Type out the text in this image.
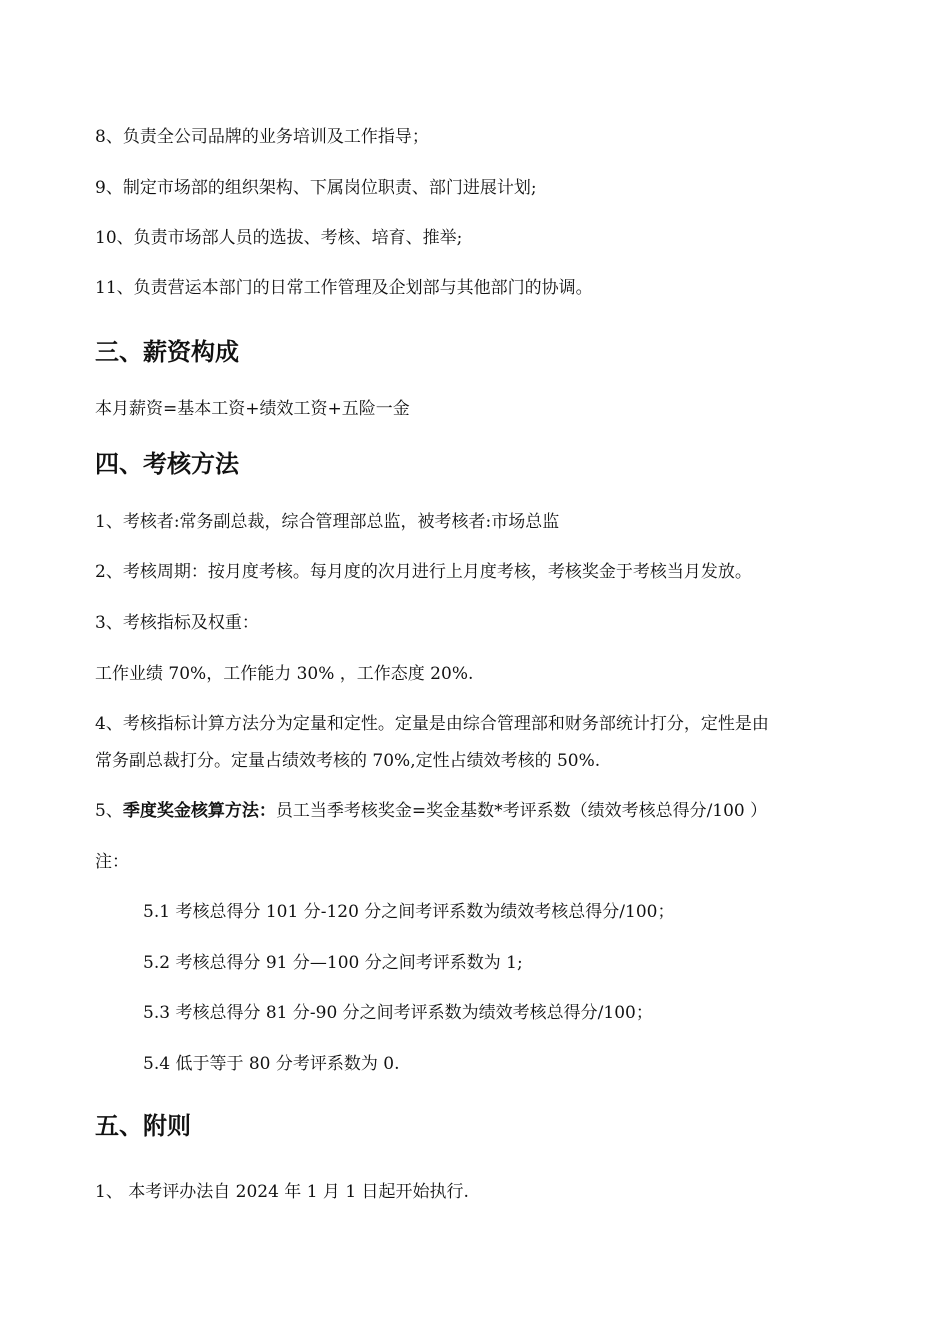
8、负责全公司品牌的业务培训及工作指导；
9、制定市场部的组织架构、下属岗位职责、部门进展计划;
10、负责市场部人员的选拔、考核、培育、推举;
11、负责营运本部门的日常工作管理及企划部与其他部门的协调。
三、薪资构成
本月薪资=基本工资+绩效工资+五险一金
四、考核方法
1、考核者:常务副总裁，综合管理部总监，被考核者:市场总监
2、考核周期：按月度考核。每月度的次月进行上月度考核，考核奖金于考核当月发放。
3、考核指标及权重：
工作业绩 70%，工作能力 30% ，工作态度 20%.
4、考核指标计算方法分为定量和定性。定量是由综合管理部和财务部统计打分，定性是由
常务副总裁打分。定量占绩效考核的 70%,定性占绩效考核的 50%.
5、季度奖金核算方法：员工当季考核奖金=奖金基数*考评系数（绩效考核总得分/100 ）
注：
5.1 考核总得分 101 分-120 分之间考评系数为绩效考核总得分/100；
5.2 考核总得分 91 分—100 分之间考评系数为 1;
5.3 考核总得分 81 分-90 分之间考评系数为绩效考核总得分/100；
5.4 低于等于 80 分考评系数为 0.
五、附则
1、 本考评办法自 2024 年 1 月 1 日起开始执行.
